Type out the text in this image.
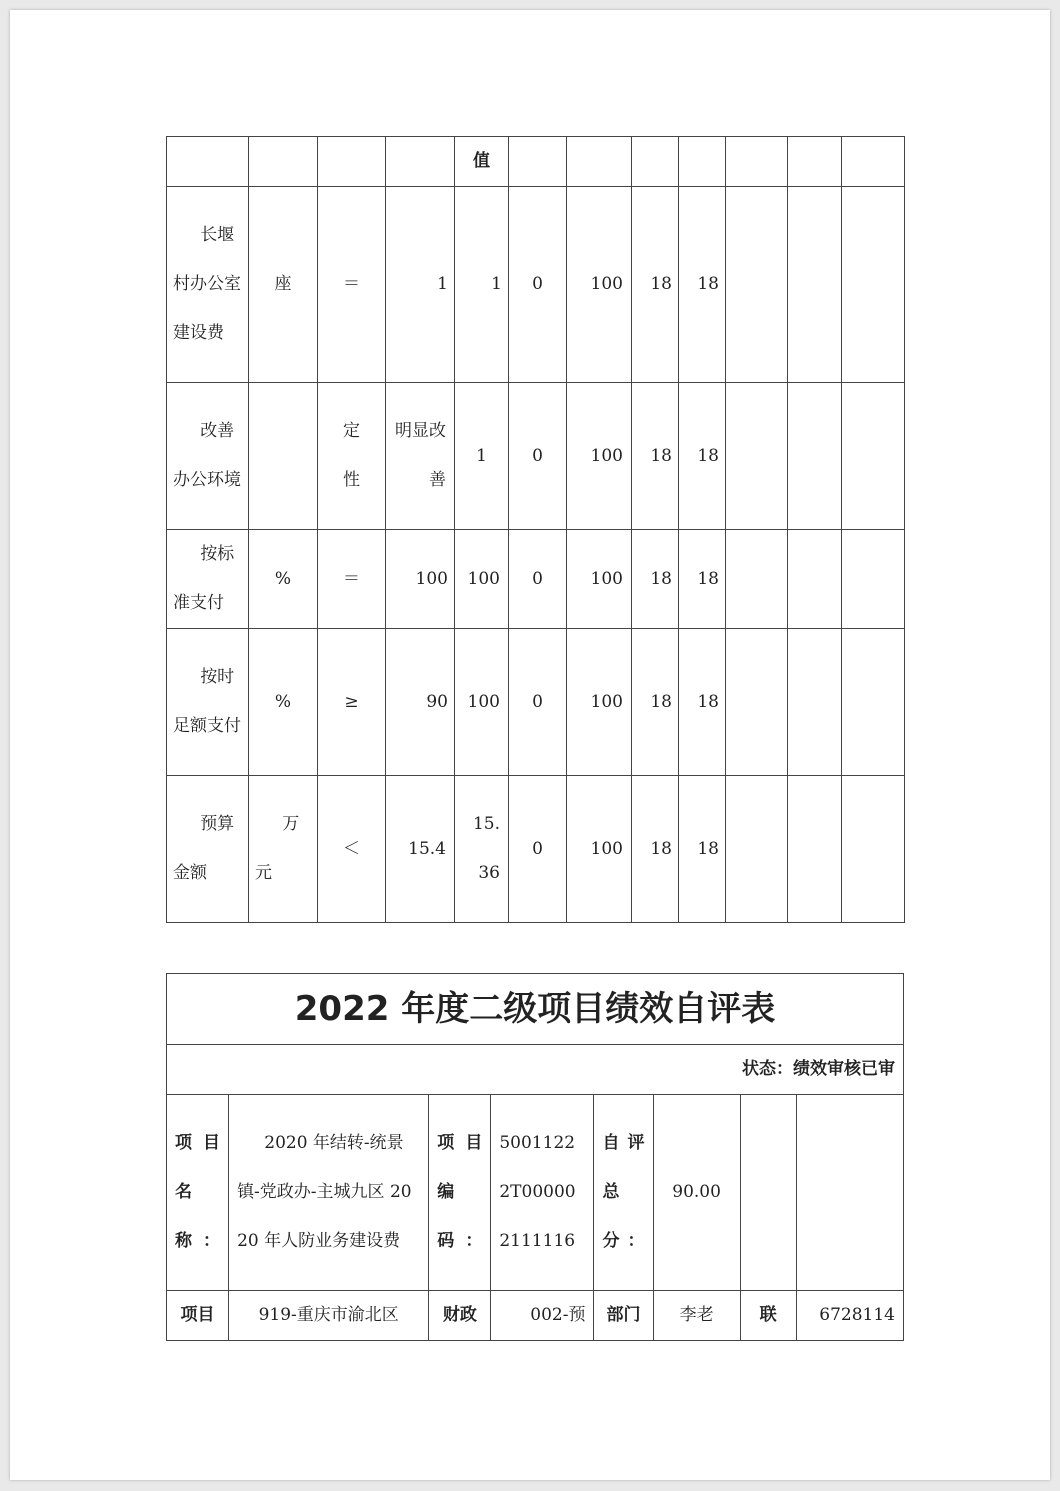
				值							
长堰村办公室建设费	座	＝	1	1	0	100	18	18			
改善办公环境		定性	明显改善	1	0	100	18	18			
按标准支付	%	＝	100	100	0	100	18	18			
按时足额支付	%	≥	90	100	0	100	18	18			
预算金额	万元	＜	15.4	15.36	0	100	18	18			
2022 年度二级项目绩效自评表							
状态：绩效审核已审							
项目名称：	2020 年结转-统景镇-党政办-主城九区 2020 年人防业务建设费	项目编码：	50011222T000002111116	自评总分：	90.00		
项目	919-重庆市渝北区	财政	002-预	部门	李老	联	6728114
